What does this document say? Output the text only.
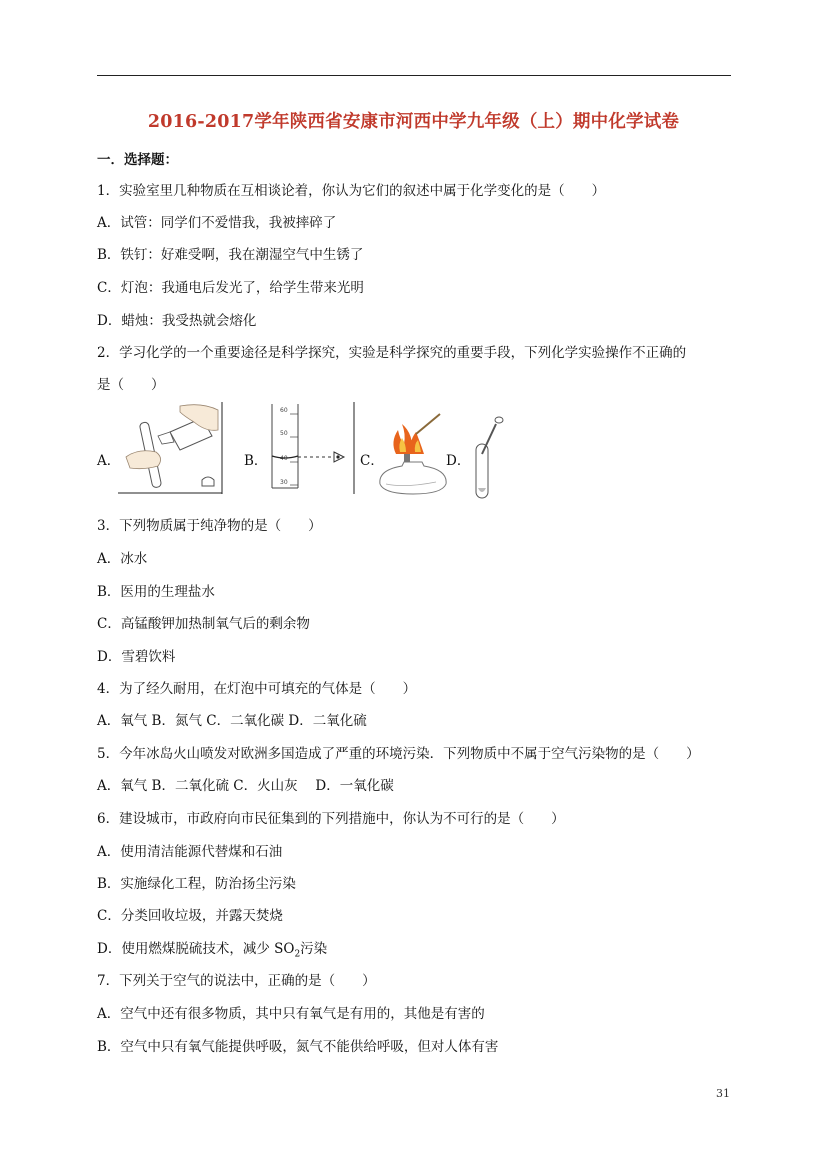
2016-2017学年陕西省安康市河西中学九年级（上）期中化学试卷
一．选择题：
1．实验室里几种物质在互相谈论着，你认为它们的叙述中属于化学变化的是（　　）
A．试管：同学们不爱惜我，我被摔碎了
B．铁钉：好难受啊，我在潮湿空气中生锈了
C．灯泡：我通电后发光了，给学生带来光明
D．蜡烛：我受热就会熔化
2．学习化学的一个重要途径是科学探究，实验是科学探究的重要手段，下列化学实验操作不正确的
是（　　）
A．	B．
60
50
40
30
C．	D．
3．下列物质属于纯净物的是（　　）
A．冰水
B．医用的生理盐水
C．高锰酸钾加热制氧气后的剩余物
D．雪碧饮料
4．为了经久耐用，在灯泡中可填充的气体是（　　）
A．氧气 B．氮气 C．二氧化碳 D．二氧化硫
5．今年冰岛火山喷发对欧洲多国造成了严重的环境污染．下列物质中不属于空气污染物的是（　　）
A．氧气 B．二氧化硫 C．火山灰　 D．一氧化碳
6．建设城市，市政府向市民征集到的下列措施中，你认为不可行的是（　　）
A．使用清洁能源代替煤和石油
B．实施绿化工程，防治扬尘污染
C．分类回收垃圾，并露天焚烧
D．使用燃煤脱硫技术，减少 $SO_2$污染
7．下列关于空气的说法中，正确的是（　　）
A．空气中还有很多物质，其中只有氧气是有用的，其他是有害的
B．空气中只有氧气能提供呼吸，氮气不能供给呼吸，但对人体有害
31
